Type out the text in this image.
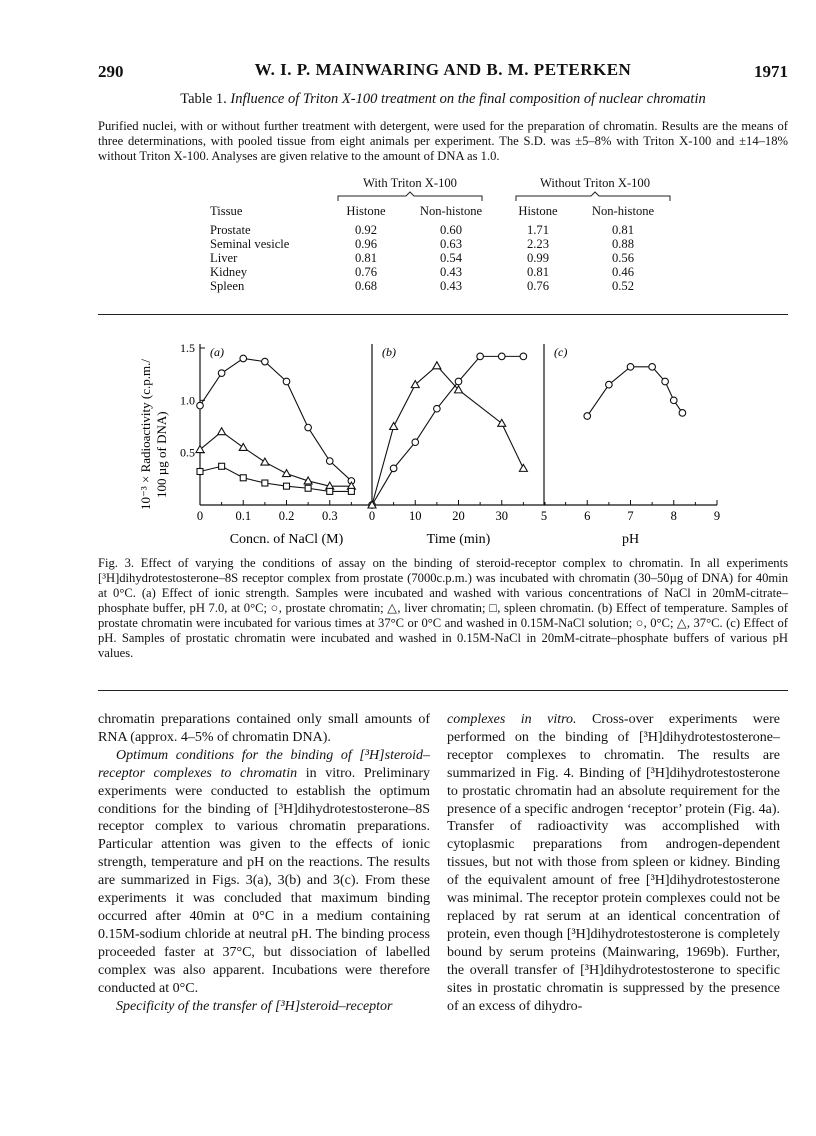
290	W. I. P. MAINWARING AND B. M. PETERKEN	1971
Table 1. Influence of Triton X-100 treatment on the final composition of nuclear chromatin
Purified nuclei, with or without further treatment with detergent, were used for the preparation of chromatin. Results are the means of three determinations, with pooled tissue from eight animals per experiment. The S.D. was ±5–8% with Triton X-100 and ±14–18% without Triton X-100. Analyses are given relative to the amount of DNA as 1.0.
With Triton X-100	Without Triton X-100
Tissue	Histone	Non-histone	Histone	Non-histone
Prostate	0.92	0.60	1.71	0.81
Seminal vesicle	0.96	0.63	2.23	0.88
Liver	0.81	0.54	0.99	0.56
Kidney	0.76	0.43	0.81	0.46
Spleen	0.68	0.43	0.76	0.52
10⁻³ × Radioactivity (c.p.m./ 100 µg of DNA)
0	0.1 0.2 0.3
0.5
1.0
1.5 (a)
Concn. of NaCl (M)
0	10 20 30
(b)
Time (min)
5	6	7	8	9
(c)
pH
Fig. 3. Effect of varying the conditions of assay on the binding of steroid-receptor complex to chromatin. In all experiments [³H]dihydrotestosterone–8S receptor complex from prostate (7000c.p.m.) was incubated with chromatin (30–50µg of DNA) for 40min at 0°C. (a) Effect of ionic strength. Samples were incubated and washed with various concentrations of NaCl in 20mM-citrate–phosphate buffer, pH 7.0, at 0°C; ○, prostate chromatin; △, liver chromatin; □, spleen chromatin. (b) Effect of temperature. Samples of prostate chromatin were incubated for various times at 37°C or 0°C and washed in 0.15M-NaCl solution; ○, 0°C; △, 37°C. (c) Effect of pH. Samples of prostatic chromatin were incubated and washed in 0.15M-NaCl in 20mM-citrate–phosphate buffers of various pH values.

chromatin preparations contained only small amounts of RNA (approx. 4–5% of chromatin DNA).

Optimum conditions for the binding of [³H]steroid–receptor complexes to chromatin in vitro. Preliminary experiments were conducted to establish the optimum conditions for the binding of [³H]dihydrotestosterone–8S receptor complex to various chromatin preparations. Particular attention was given to the effects of ionic strength, temperature and pH on the reactions. The results are summarized in Figs. 3(a), 3(b) and 3(c). From these experiments it was concluded that maximum binding occurred after 40min at 0°C in a medium containing 0.15M-sodium chloride at neutral pH. The binding process proceeded faster at 37°C, but dissociation of labelled complex was also apparent. Incubations were therefore conducted at 0°C.

Specificity of the transfer of [³H]steroid–receptor

complexes in vitro. Cross-over experiments were performed on the binding of [³H]dihydrotestosterone–receptor complexes to chromatin. The results are summarized in Fig. 4. Binding of [³H]dihydrotestosterone to prostatic chromatin had an absolute requirement for the presence of a specific androgen ‘receptor’ protein (Fig. 4a). Transfer of radioactivity was accomplished with cytoplasmic preparations from androgen-dependent tissues, but not with those from spleen or kidney. Binding of the equivalent amount of free [³H]dihydrotestosterone was minimal. The receptor protein complexes could not be replaced by rat serum at an identical concentration of protein, even though [³H]dihydrotestosterone is completely bound by serum proteins (Mainwaring, 1969b). Further, the overall transfer of [³H]dihydrotestosterone to specific sites in prostatic chromatin is suppressed by the presence of an excess of dihydro-
